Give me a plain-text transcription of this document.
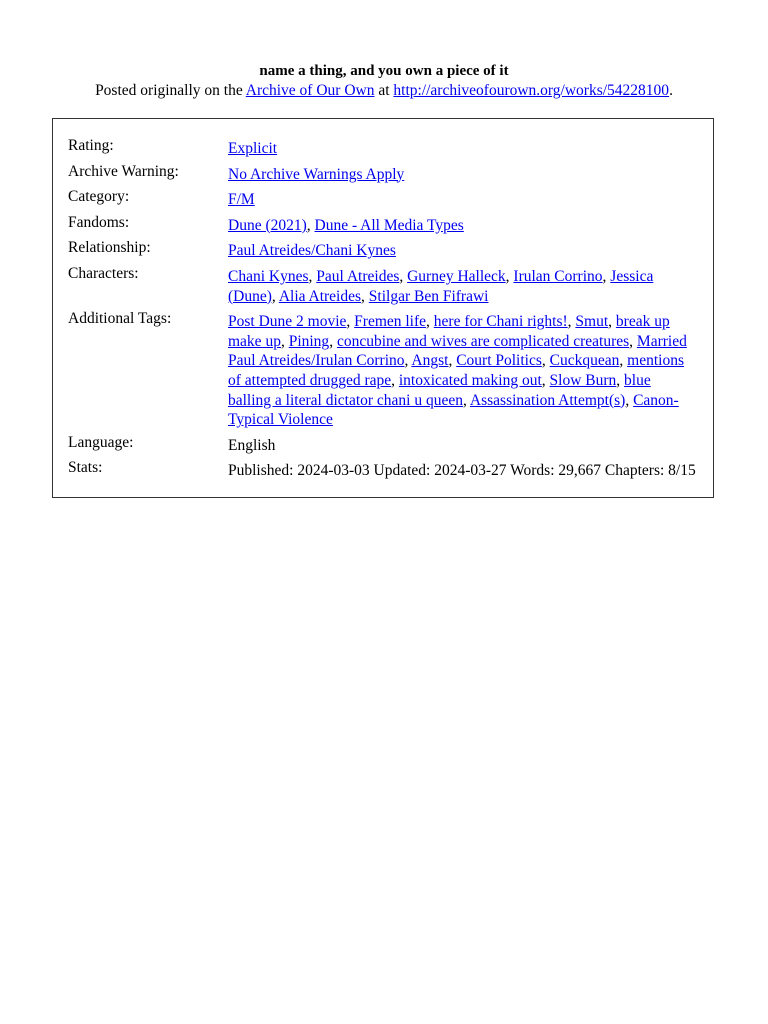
name a thing, and you own a piece of it
Posted originally on the Archive of Our Own at http://archiveofourown.org/works/54228100.
Rating:	Explicit
Archive Warning:	No Archive Warnings Apply
Category:	F/M
Fandoms:	Dune (2021), Dune - All Media Types
Relationship:	Paul Atreides/Chani Kynes
Characters:	Chani Kynes, Paul Atreides, Gurney Halleck, Irulan Corrino, Jessica (Dune), Alia Atreides, Stilgar Ben Fifrawi
Additional Tags:	Post Dune 2 movie, Fremen life, here for Chani rights!, Smut, break up make up, Pining, concubine and wives are complicated creatures, Married Paul Atreides/Irulan Corrino, Angst, Court Politics, Cuckquean, mentions of attempted drugged rape, intoxicated making out, Slow Burn, blue balling a literal dictator chani u queen, Assassination Attempt(s), Canon-Typical Violence
Language:	English
Stats:	Published: 2024-03-03 Updated: 2024-03-27 Words: 29,667 Chapters: 8/15
